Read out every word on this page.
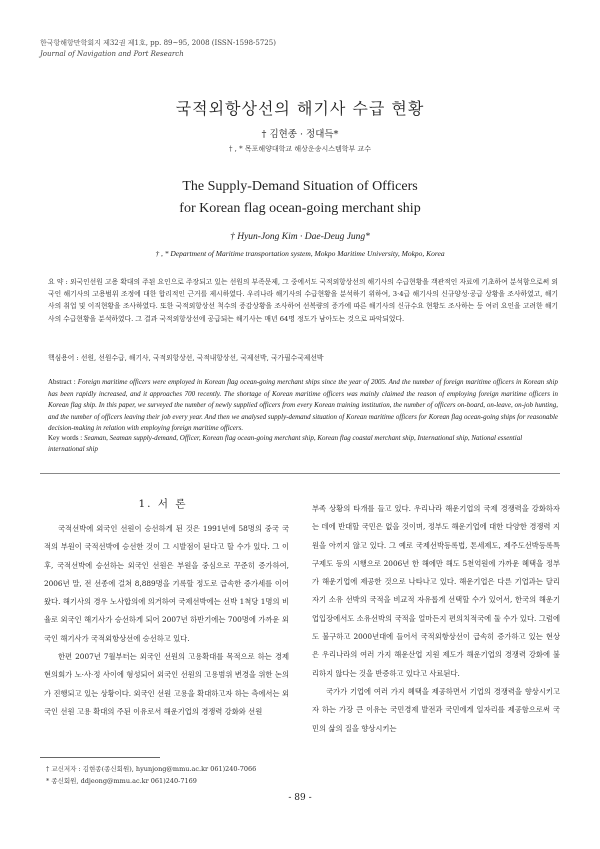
한국항해항만학회지 제32권 제1호, pp. 89~95, 2008 (ISSN-1598-5725)
Journal of Navigation and Port Research
국적외항상선의 해기사 수급 현황
† 김현종 · 정대득*
† , * 목포해양대학교 해상운송시스템학부 교수
The Supply-Demand Situation of Officers
for Korean flag ocean-going merchant ship
† Hyun-Jong Kim · Dae-Deug Jung*
† , * Department of Maritime transportation system, Mokpo Maritime University, Mokpo, Korea
요 약 : 외국인선원 고용 확대의 주된 요인으로 주장되고 있는 선원의 부족문제, 그 중에서도 국적외항상선의 해기사의 수급현황을 객관적인 자료에 기초하여 분석함으로써 외국인 해기사의 고용범위 조정에 대한 합리적인 근거를 제시하였다. 우리나라 해기사의 수급현황을 분석하기 위하여, 3·4급 해기사의 신규양성·공급 상황을 조사하였고, 해기사의 취업 및 이직현황을 조사하였다. 또한 국적외항상선 척수의 증감상황을 조사하여 선복량의 증가에 따른 해기사의 신규수요 현황도 조사하는 등 여러 요인을 고려한 해기사의 수급현황을 분석하였다. 그 결과 국적외항상선에 공급되는 해기사는 매년 64명 정도가 남아도는 것으로 파악되었다.
핵심용어 : 선원, 선원수급, 해기사, 국적외항상선, 국적내항상선, 국제선박, 국가필수국제선박
Abstract : Foreign maritime officers were employed in Korean flag ocean-going merchant ships since the year of 2005. And the number of foreign maritime officers in Korean ship has been rapidly increased, and it approaches 700 recently. The shortage of Korean maritime officers was mainly claimed the reason of employing foreign maritime officers in Korean flag ship. In this paper, we surveyed the number of newly supplied officers from every Korean training institution, the number of officers on-board, on-leave, on-job hunting, and the number of officers leaving their job every year. And then we analysed supply-demand situation of Korean maritime officers for Korean flag ocean-going ships for reasonable decision-making in relation with employing foreign maritime officers.
Key words : Seaman, Seaman supply-demand, Officer, Korean flag ocean-going merchant ship, Korean flag coastal merchant ship, International ship, National essential international ship
1. 서 론

국적선박에 외국인 선원이 승선하게 된 것은 1991년에 58명의 중국 국적의 부원이 국적선박에 승선한 것이 그 시발점이 된다고 할 수가 있다. 그 이후, 국적선박에 승선하는 외국인 선원은 부원을 중심으로 꾸준히 증가하여, 2006년 말, 전 선종에 걸쳐 8,889명을 기록할 정도로 급속한 증가세를 이어왔다. 해기사의 경우 노사합의에 의거하여 국제선박에는 선박 1척당 1명의 비율로 외국인 해기사가 승선하게 되어 2007년 하반기에는 700명에 가까운 외국인 해기사가 국적외항상선에 승선하고 있다.

한편 2007년 7월부터는 외국인 선원의 고용확대를 목적으로 하는 경제현의회가 노·사·정 사이에 형성되어 외국인 선원의 고용범위 변경을 위한 논의가 진행되고 있는 상황이다. 외국인 선원 고용을 확대하고자 하는 측에서는 외국인 선원 고용 확대의 주된 이유로서 해운기업의 경쟁력 강화와 선원

부족 상황의 타개를 들고 있다. 우리나라 해운기업의 국제 경쟁력을 강화하자는 데에 반대할 국민은 없을 것이며, 정부도 해운기업에 대한 다양한 경쟁력 지원을 아끼지 않고 있다. 그 예로 국제선박등록법, 톤세제도, 제주도선박등록특구제도 등의 시행으로 2006년 한 해에만 해도 5천억원에 가까운 혜택을 정부가 해운기업에 제공한 것으로 나타나고 있다. 해운기업은 다른 기업과는 달리 자기 소유 선박의 국적을 비교적 자유롭게 선택할 수가 있어서, 한국의 해운기업입장에서도 소유선박의 국적을 얼마든지 편의치적국에 둘 수가 있다. 그럼에도 불구하고 2000년대에 들어서 국적외항상선이 급속히 증가하고 있는 현상은 우리나라의 여러 가지 해운산업 지원 제도가 해운기업의 경쟁력 강화에 불리하지 않다는 것을 반증하고 있다고 사료된다.

국가가 기업에 여러 가지 혜택을 제공하면서 기업의 경쟁력을 향상시키고자 하는 가장 큰 이유는 국민경제 발전과 국민에게 일자리를 제공함으로써 국민의 삶의 질을 향상시키는

† 교신저자 : 김현종(종신회원), hyunjong@mmu.ac.kr 061)240-7066
* 종신회원, ddjeong@mmu.ac.kr 061)240-7169
- 89 -
